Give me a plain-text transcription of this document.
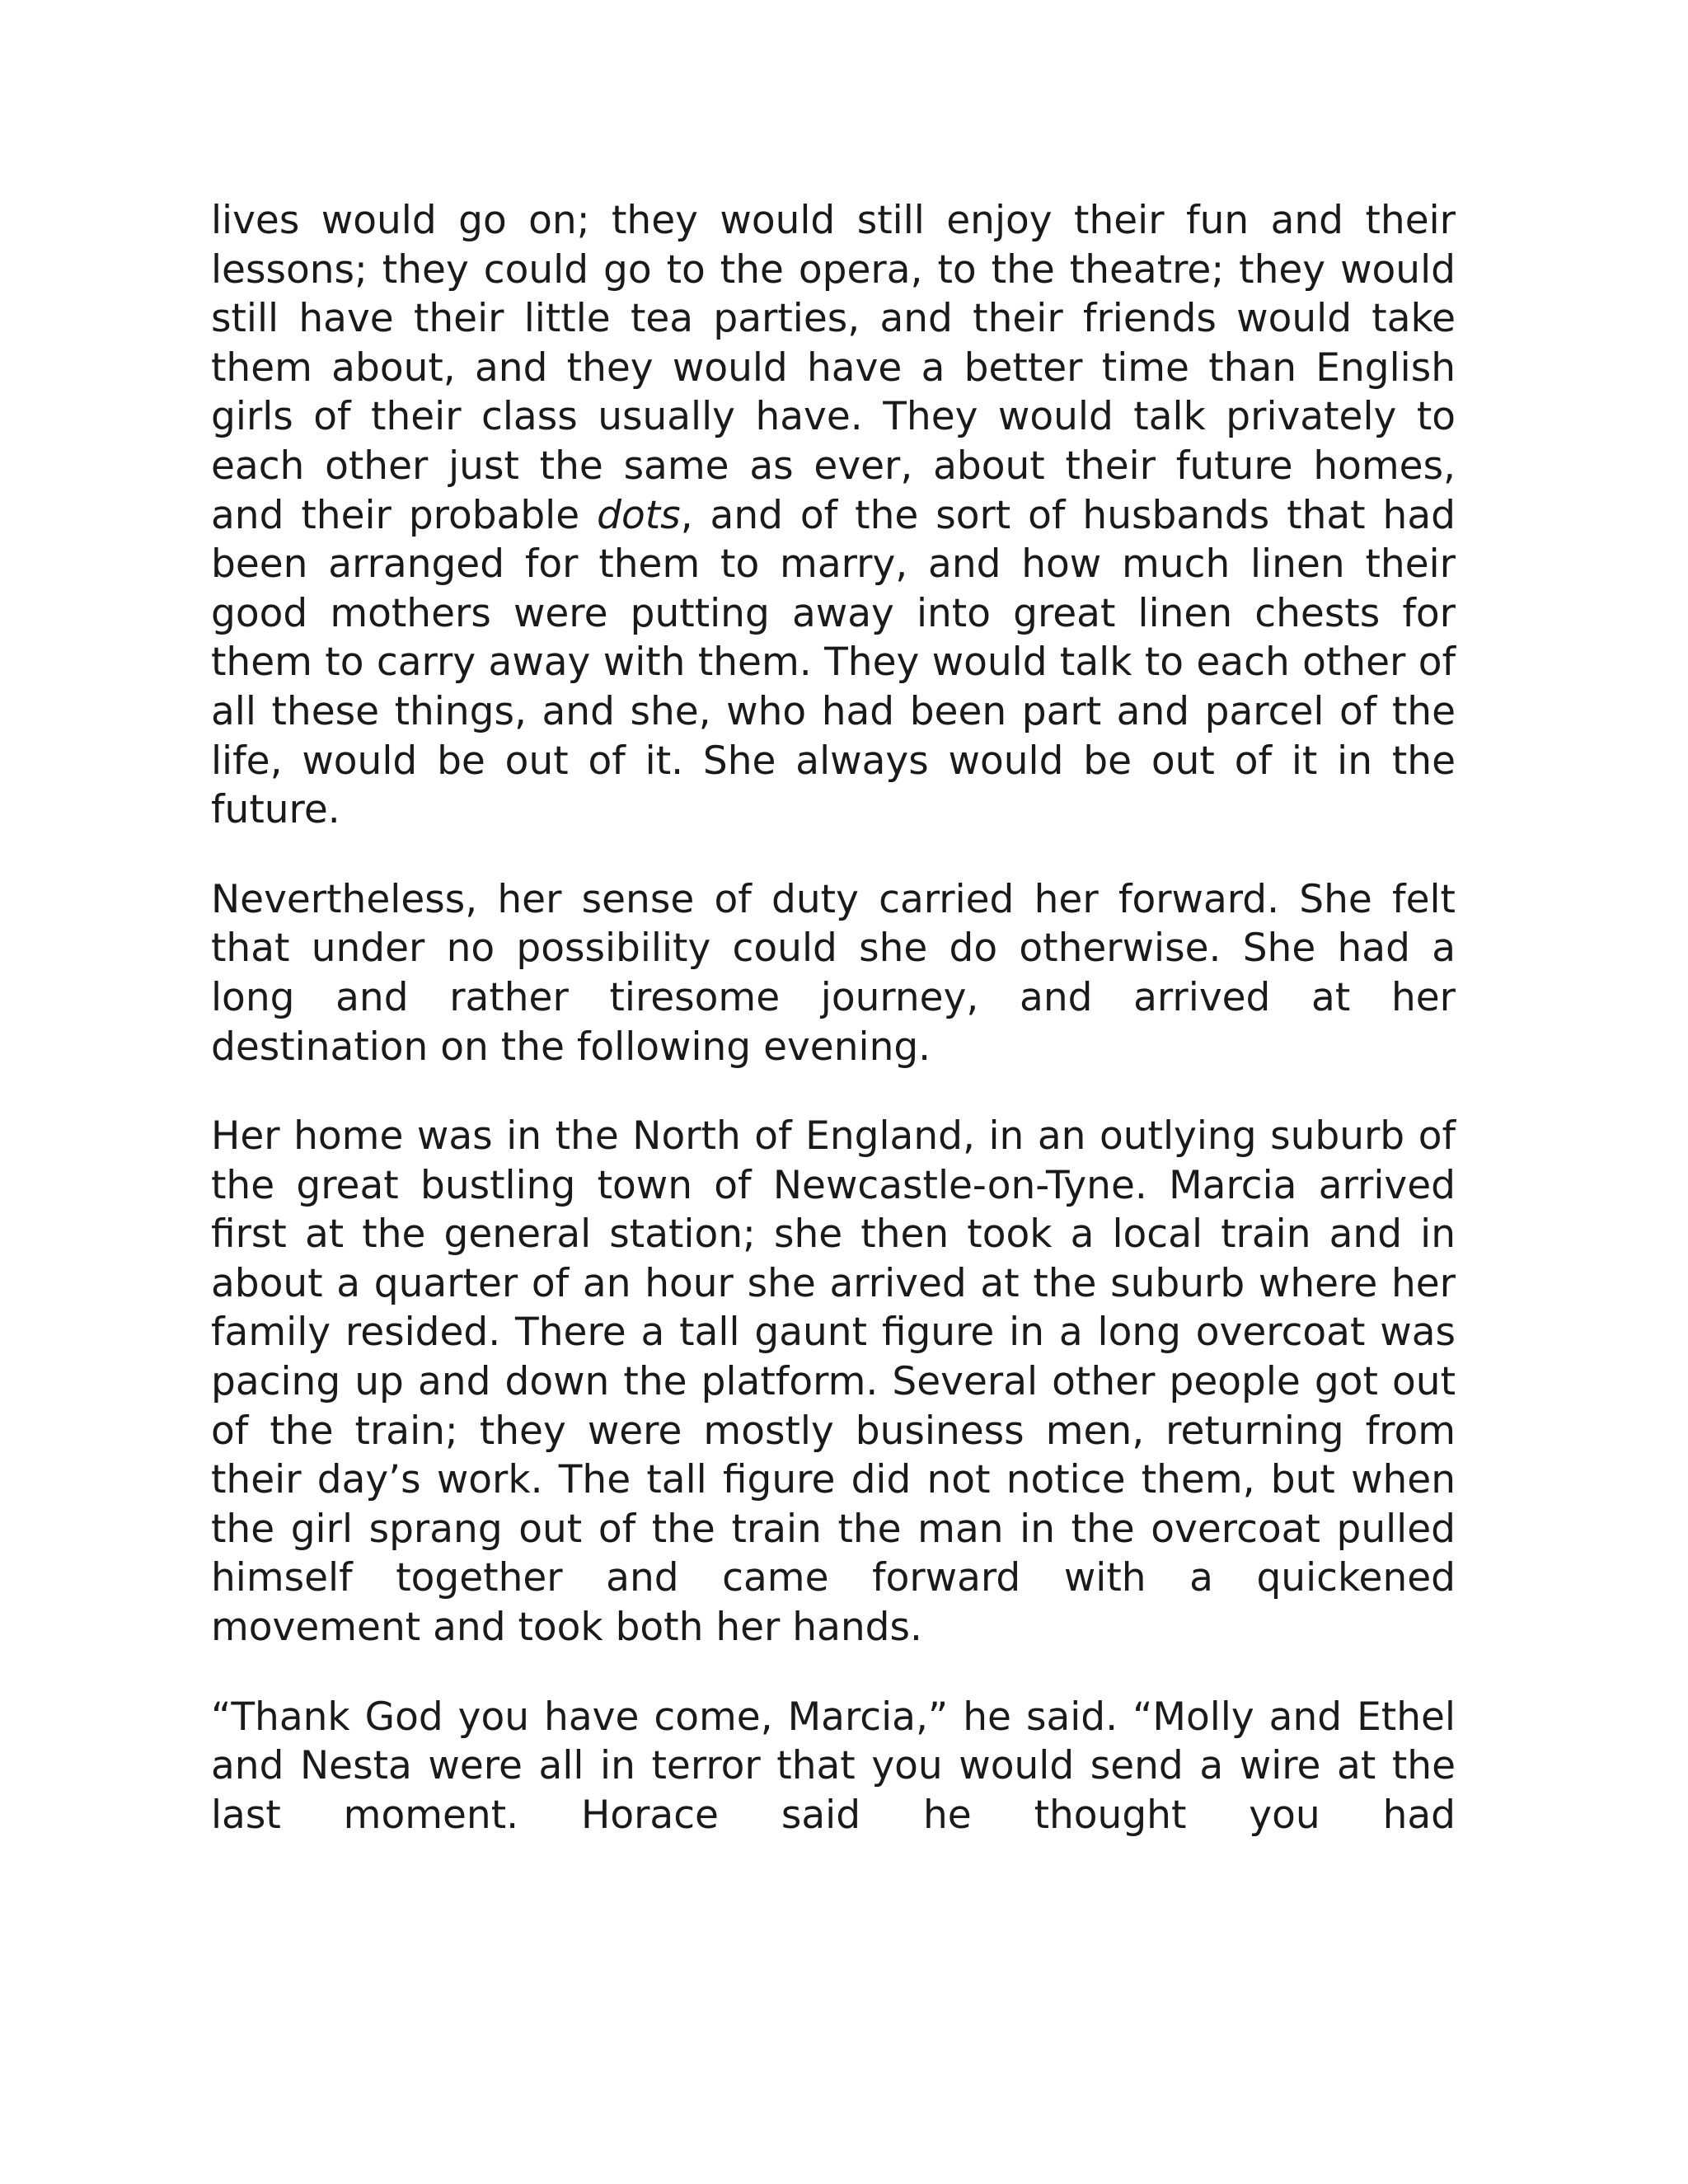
lives would go on; they would still enjoy their fun and their lessons; they could go to the opera, to the theatre; they would still have their little tea parties, and their friends would take them about, and they would have a better time than English girls of their class usually have. They would talk privately to each other just the same as ever, about their future homes, and their probable dots, and of the sort of husbands that had been arranged for them to marry, and how much linen their good mothers were putting away into great linen chests for them to carry away with them. They would talk to each other of all these things, and she, who had been part and parcel of the life, would be out of it. She always would be out of it in the future.

Nevertheless, her sense of duty carried her forward. She felt that under no possibility could she do otherwise. She had a long and rather tiresome journey, and arrived at her destination on the following evening.

Her home was in the North of England, in an outlying suburb of the great bustling town of Newcastle-on-Tyne. Marcia arrived first at the general station; she then took a local train and in about a quarter of an hour she arrived at the suburb where her family resided. There a tall gaunt figure in a long overcoat was pacing up and down the platform. Several other people got out of the train; they were mostly business men, returning from their day’s work. The tall figure did not notice them, but when the girl sprang out of the train the man in the overcoat pulled himself together and came forward with a quickened movement and took both her hands.

“Thank God you have come, Marcia,” he said. “Molly and Ethel and Nesta were all in terror that you would send a wire at the last moment. Horace said he thought you had
